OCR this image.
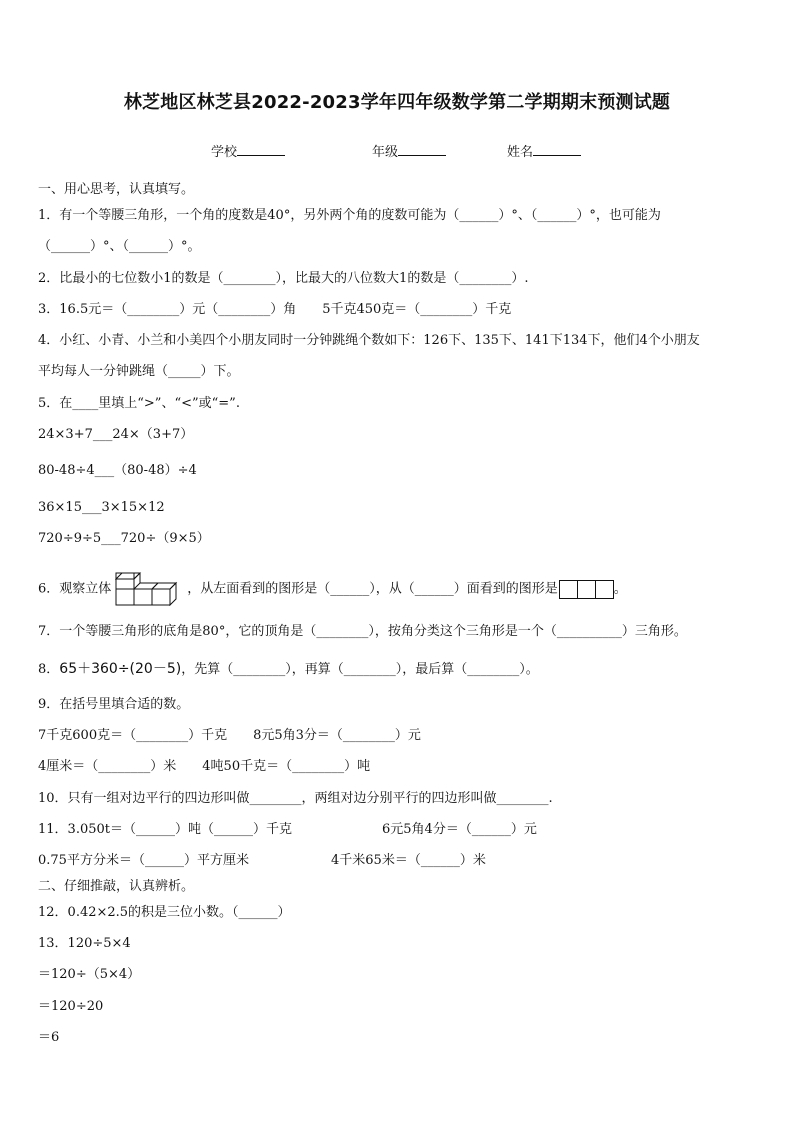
林芝地区林芝县2022-2023学年四年级数学第二学期期末预测试题
学校	年级	姓名
一、用心思考，认真填写。
1．有一个等腰三角形，一个角的度数是40°，另外两个角的度数可能为（______）°、（______）°，也可能为
（______）°、（______）°。
2．比最小的七位数小1的数是（________），比最大的八位数大1的数是（________）.
3．16.5元＝（________）元（________）角　　5千克450克＝（________）千克
4．小红、小青、小兰和小美四个小朋友同时一分钟跳绳个数如下：126下、135下、141下134下，他们4个小朋友
平均每人一分钟跳绳（_____）下。
5．在____里填上“>”、“<”或“=”.
24×3+7___24×（3+7）
80-48÷4___（80-48）÷4
36×15___3×15×12
720÷9÷5___720÷（9×5）
6．观察立体	，从左面看到的图形是（______），从（______）面看到的图形是	。
7．一个等腰三角形的底角是80°，它的顶角是（________），按角分类这个三角形是一个（__________）三角形。
8．65＋360÷(20－5)，先算（________），再算（________），最后算（________）。
9．在括号里填合适的数。
7千克600克＝（________）千克　　8元5角3分＝（________）元
4厘米＝（________）米　　4吨50千克＝（________）吨
10．只有一组对边平行的四边形叫做________，两组对边分别平行的四边形叫做________.
11．3.050t＝（______）吨（______）千克	6元5角4分＝（______）元
0.75平方分米＝（______）平方厘米	4千米65米＝（______）米
二、仔细推敲，认真辨析。
12．0.42×2.5的积是三位小数。（______）
13．120÷5×4
＝120÷（5×4）
＝120÷20
＝6
